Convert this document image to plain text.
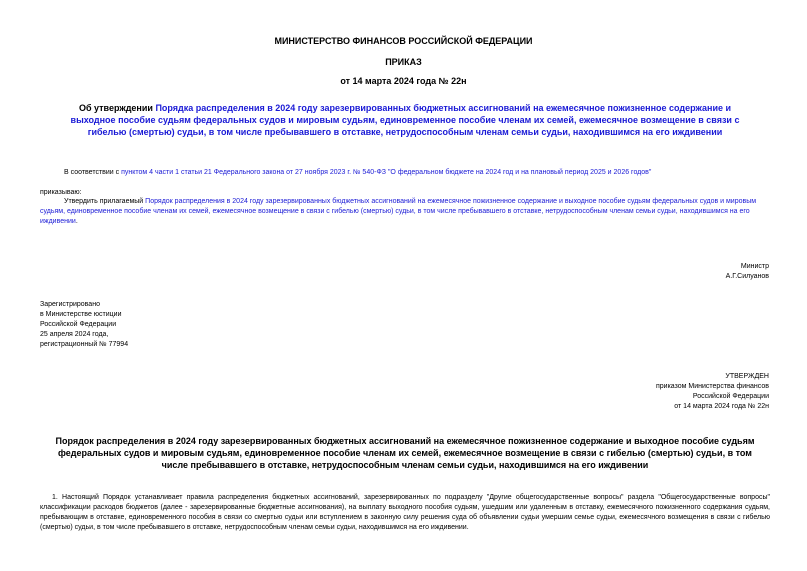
МИНИСТЕРСТВО ФИНАНСОВ РОССИЙСКОЙ ФЕДЕРАЦИИ
ПРИКАЗ
от 14 марта 2024 года № 22н
Об утверждении Порядка распределения в 2024 году зарезервированных бюджетных ассигнований на ежемесячное пожизненное содержание и выходное пособие судьям федеральных судов и мировым судьям, единовременное пособие членам их семей, ежемесячное возмещение в связи с гибелью (смертью) судьи, в том числе пребывавшего в отставке, нетрудоспособным членам семьи судьи, находившимся на его иждивении
В соответствии с пунктом 4 части 1 статьи 21 Федерального закона от 27 ноября 2023 г. № 540-ФЗ "О федеральном бюджете на 2024 год и на плановый период 2025 и 2026 годов"
приказываю:
Утвердить прилагаемый Порядок распределения в 2024 году зарезервированных бюджетных ассигнований на ежемесячное пожизненное содержание и выходное пособие судьям федеральных судов и мировым судьям, единовременное пособие членам их семей, ежемесячное возмещение в связи с гибелью (смертью) судьи, в том числе пребывавшего в отставке, нетрудоспособным членам семьи судьи, находившимся на его иждивении.
Министр
А.Г.Силуанов
Зарегистрировано
в Министерстве юстиции
Российской Федерации
25 апреля 2024 года,
регистрационный № 77994
УТВЕРЖДЕН
приказом Министерства финансов
Российской Федерации
от 14 марта 2024 года № 22н
Порядок распределения в 2024 году зарезервированных бюджетных ассигнований на ежемесячное пожизненное содержание и выходное пособие судьям федеральных судов и мировым судьям, единовременное пособие членам их семей, ежемесячное возмещение в связи с гибелью (смертью) судьи, в том числе пребывавшего в отставке, нетрудоспособным членам семьи судьи, находившимся на его иждивении
1. Настоящий Порядок устанавливает правила распределения бюджетных ассигнований, зарезервированных по подразделу "Другие общегосударственные вопросы" раздела "Общегосударственные вопросы" классификации расходов бюджетов (далее - зарезервированные бюджетные ассигнования), на выплату выходного пособия судьям, ушедшим или удаленным в отставку, ежемесячного пожизненного содержания судьям, пребывающим в отставке, единовременного пособия в связи со смертью судьи или вступлением в законную силу решения суда об объявлении судьи умершим семье судьи, ежемесячного возмещения в связи с гибелью (смертью) судьи, в том числе пребывавшего в отставке, нетрудоспособным членам семьи судьи, находившимся на его иждивении.
